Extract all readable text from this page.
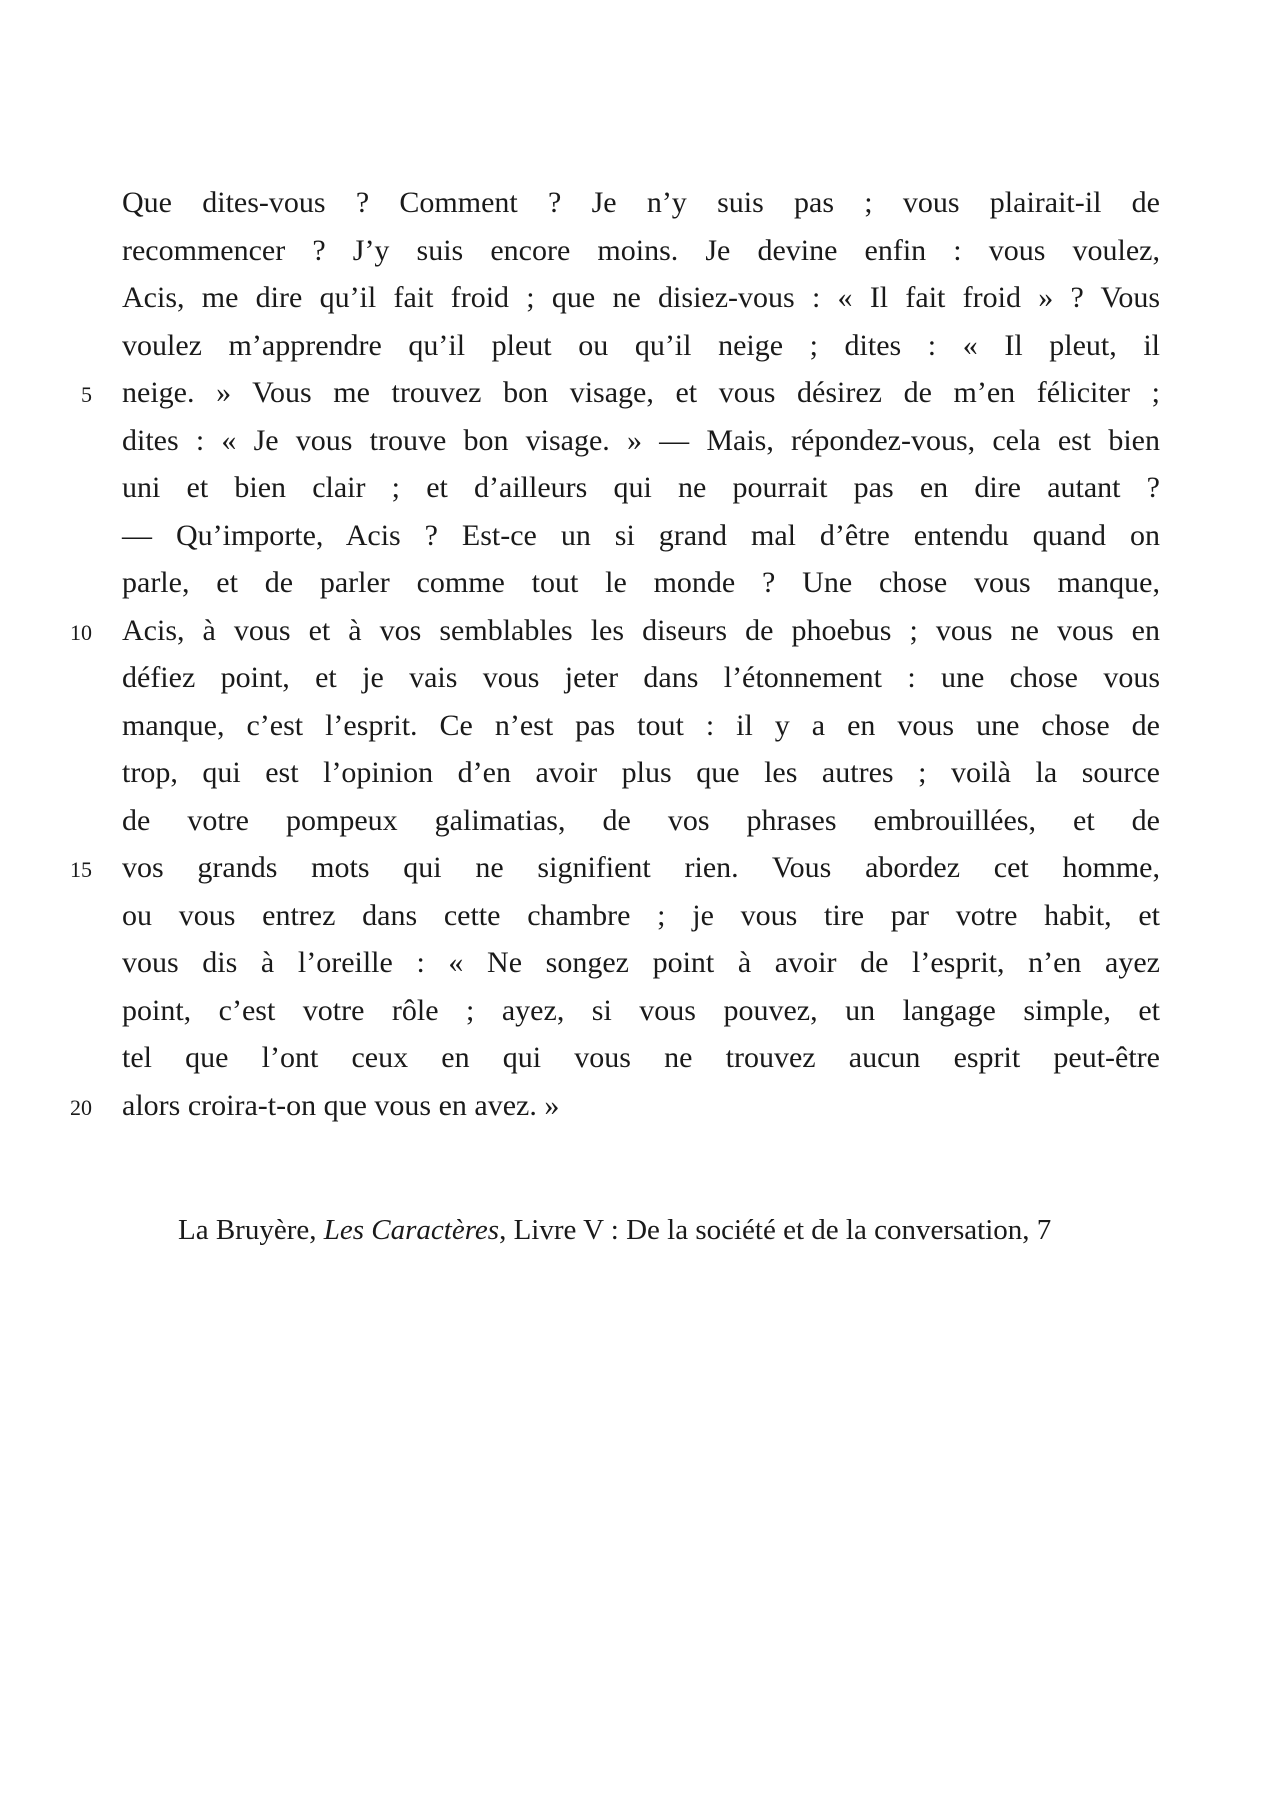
Que dites-vous ? Comment ? Je n’y suis pas ; vous plairait-il de
recommencer ? J’y suis encore moins. Je devine enfin : vous voulez,
Acis, me dire qu’il fait froid ; que ne disiez-vous : « Il fait froid » ? Vous
voulez m’apprendre qu’il pleut ou qu’il neige ; dites : « Il pleut, il
5 neige. » Vous me trouvez bon visage, et vous désirez de m’en féliciter ;
dites : « Je vous trouve bon visage. » — Mais, répondez-vous, cela est bien
uni et bien clair ; et d’ailleurs qui ne pourrait pas en dire autant ?
— Qu’importe, Acis ? Est-ce un si grand mal d’être entendu quand on
parle, et de parler comme tout le monde ? Une chose vous manque,
10 Acis, à vous et à vos semblables les diseurs de phoebus ; vous ne vous en
défiez point, et je vais vous jeter dans l’étonnement : une chose vous
manque, c’est l’esprit. Ce n’est pas tout : il y a en vous une chose de
trop, qui est l’opinion d’en avoir plus que les autres ; voilà la source
de votre pompeux galimatias, de vos phrases embrouillées, et de
15 vos grands mots qui ne signifient rien. Vous abordez cet homme,
ou vous entrez dans cette chambre ; je vous tire par votre habit, et
vous dis à l’oreille : « Ne songez point à avoir de l’esprit, n’en ayez
point, c’est votre rôle ; ayez, si vous pouvez, un langage simple, et
tel que l’ont ceux en qui vous ne trouvez aucun esprit peut-être
20 alors croira-t-on que vous en avez. »
La Bruyère, Les Caractères, Livre V : De la société et de la conversation, 7
